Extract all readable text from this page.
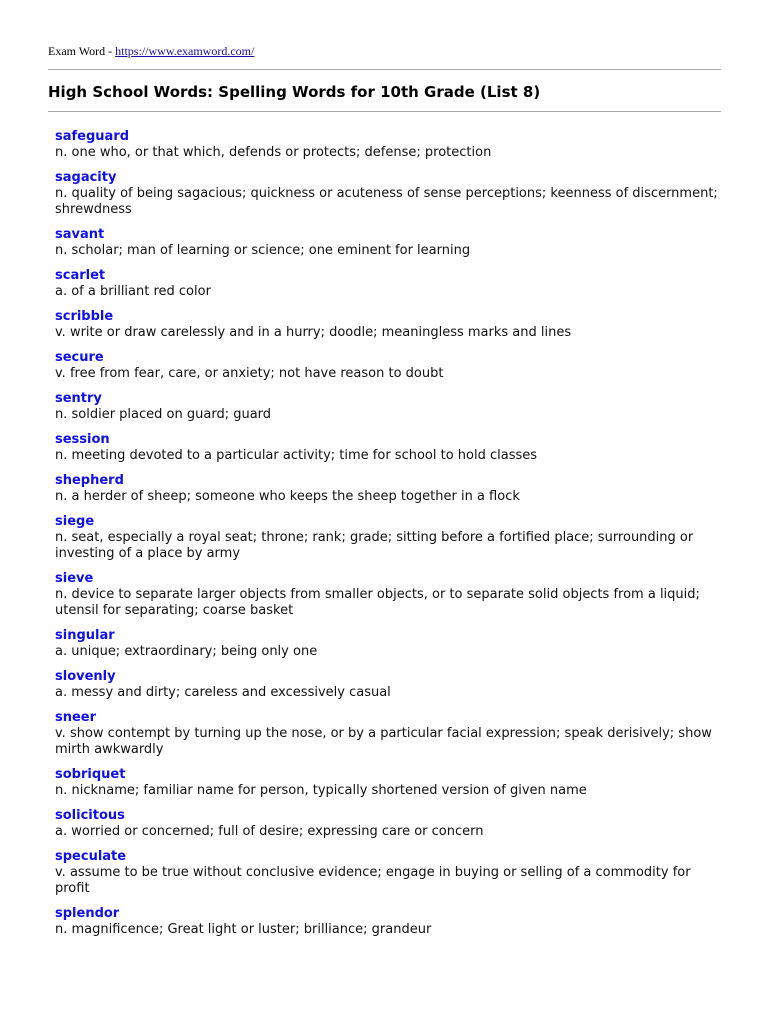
Exam Word - https://www.examword.com/
High School Words: Spelling Words for 10th Grade (List 8)
safeguard
n. one who, or that which, defends or protects; defense; protection
sagacity
n. quality of being sagacious; quickness or acuteness of sense perceptions; keenness of discernment; shrewdness
savant
n. scholar; man of learning or science; one eminent for learning
scarlet
a. of a brilliant red color
scribble
v. write or draw carelessly and in a hurry; doodle; meaningless marks and lines
secure
v. free from fear, care, or anxiety; not have reason to doubt
sentry
n. soldier placed on guard; guard
session
n. meeting devoted to a particular activity; time for school to hold classes
shepherd
n. a herder of sheep; someone who keeps the sheep together in a flock
siege
n. seat, especially a royal seat; throne; rank; grade; sitting before a fortified place; surrounding or investing of a place by army
sieve
n. device to separate larger objects from smaller objects, or to separate solid objects from a liquid; utensil for separating; coarse basket
singular
a. unique; extraordinary; being only one
slovenly
a. messy and dirty; careless and excessively casual
sneer
v. show contempt by turning up the nose, or by a particular facial expression; speak derisively; show mirth awkwardly
sobriquet
n. nickname; familiar name for person, typically shortened version of given name
solicitous
a. worried or concerned; full of desire; expressing care or concern
speculate
v. assume to be true without conclusive evidence; engage in buying or selling of a commodity for profit
splendor
n. magnificence; Great light or luster; brilliance; grandeur
